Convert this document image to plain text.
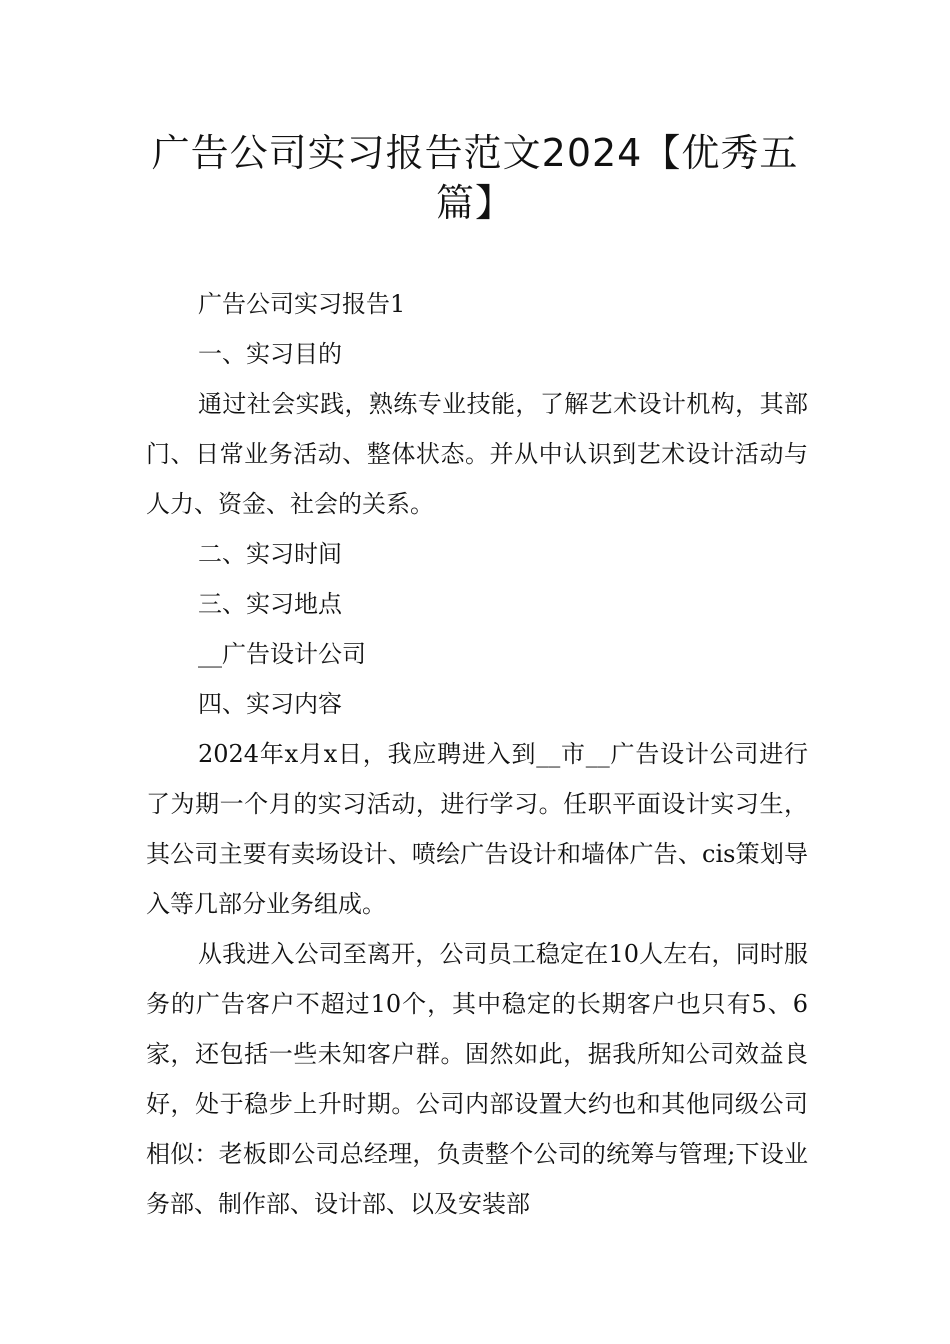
广告公司实习报告范文2024【优秀五篇】

广告公司实习报告1

一、实习目的

通过社会实践，熟练专业技能，了解艺术设计机构，其部门、日常业务活动、整体状态。并从中认识到艺术设计活动与人力、资金、社会的关系。

二、实习时间

三、实习地点

__广告设计公司

四、实习内容

2024年x月x日，我应聘进入到__市__广告设计公司进行了为期一个月的实习活动，进行学习。任职平面设计实习生，其公司主要有卖场设计、喷绘广告设计和墙体广告、cis策划导入等几部分业务组成。

从我进入公司至离开，公司员工稳定在10人左右，同时服务的广告客户不超过10个，其中稳定的长期客户也只有5、6家，还包括一些未知客户群。固然如此，据我所知公司效益良好，处于稳步上升时期。公司内部设置大约也和其他同级公司相似：老板即公司总经理，负责整个公司的统筹与管理;下设业务部、制作部、设计部、以及安装部
